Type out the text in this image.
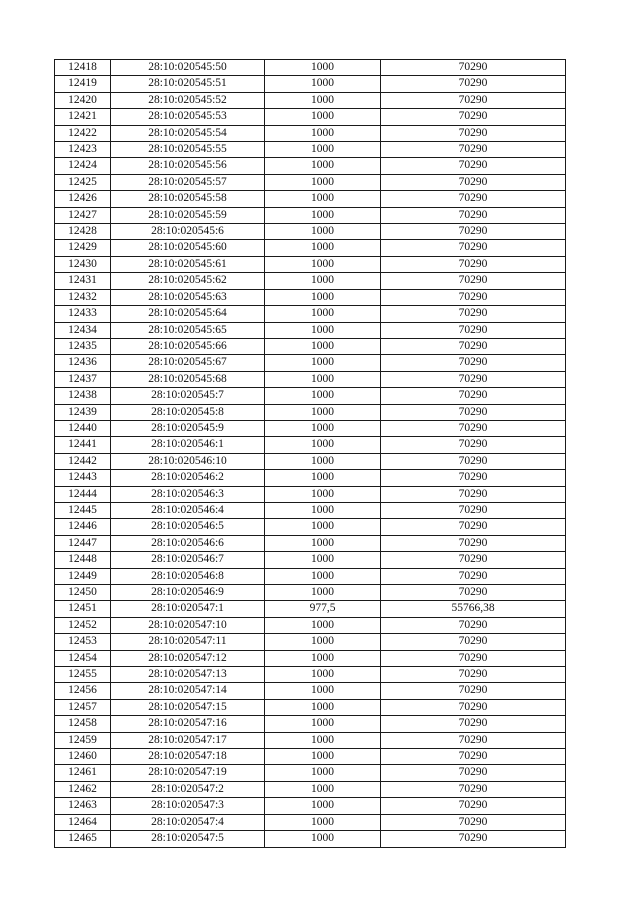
12418	28:10:020545:50	1000	70290
12419	28:10:020545:51	1000	70290
12420	28:10:020545:52	1000	70290
12421	28:10:020545:53	1000	70290
12422	28:10:020545:54	1000	70290
12423	28:10:020545:55	1000	70290
12424	28:10:020545:56	1000	70290
12425	28:10:020545:57	1000	70290
12426	28:10:020545:58	1000	70290
12427	28:10:020545:59	1000	70290
12428	28:10:020545:6	1000	70290
12429	28:10:020545:60	1000	70290
12430	28:10:020545:61	1000	70290
12431	28:10:020545:62	1000	70290
12432	28:10:020545:63	1000	70290
12433	28:10:020545:64	1000	70290
12434	28:10:020545:65	1000	70290
12435	28:10:020545:66	1000	70290
12436	28:10:020545:67	1000	70290
12437	28:10:020545:68	1000	70290
12438	28:10:020545:7	1000	70290
12439	28:10:020545:8	1000	70290
12440	28:10:020545:9	1000	70290
12441	28:10:020546:1	1000	70290
12442	28:10:020546:10	1000	70290
12443	28:10:020546:2	1000	70290
12444	28:10:020546:3	1000	70290
12445	28:10:020546:4	1000	70290
12446	28:10:020546:5	1000	70290
12447	28:10:020546:6	1000	70290
12448	28:10:020546:7	1000	70290
12449	28:10:020546:8	1000	70290
12450	28:10:020546:9	1000	70290
12451	28:10:020547:1	977,5	55766,38
12452	28:10:020547:10	1000	70290
12453	28:10:020547:11	1000	70290
12454	28:10:020547:12	1000	70290
12455	28:10:020547:13	1000	70290
12456	28:10:020547:14	1000	70290
12457	28:10:020547:15	1000	70290
12458	28:10:020547:16	1000	70290
12459	28:10:020547:17	1000	70290
12460	28:10:020547:18	1000	70290
12461	28:10:020547:19	1000	70290
12462	28:10:020547:2	1000	70290
12463	28:10:020547:3	1000	70290
12464	28:10:020547:4	1000	70290
12465	28:10:020547:5	1000	70290
